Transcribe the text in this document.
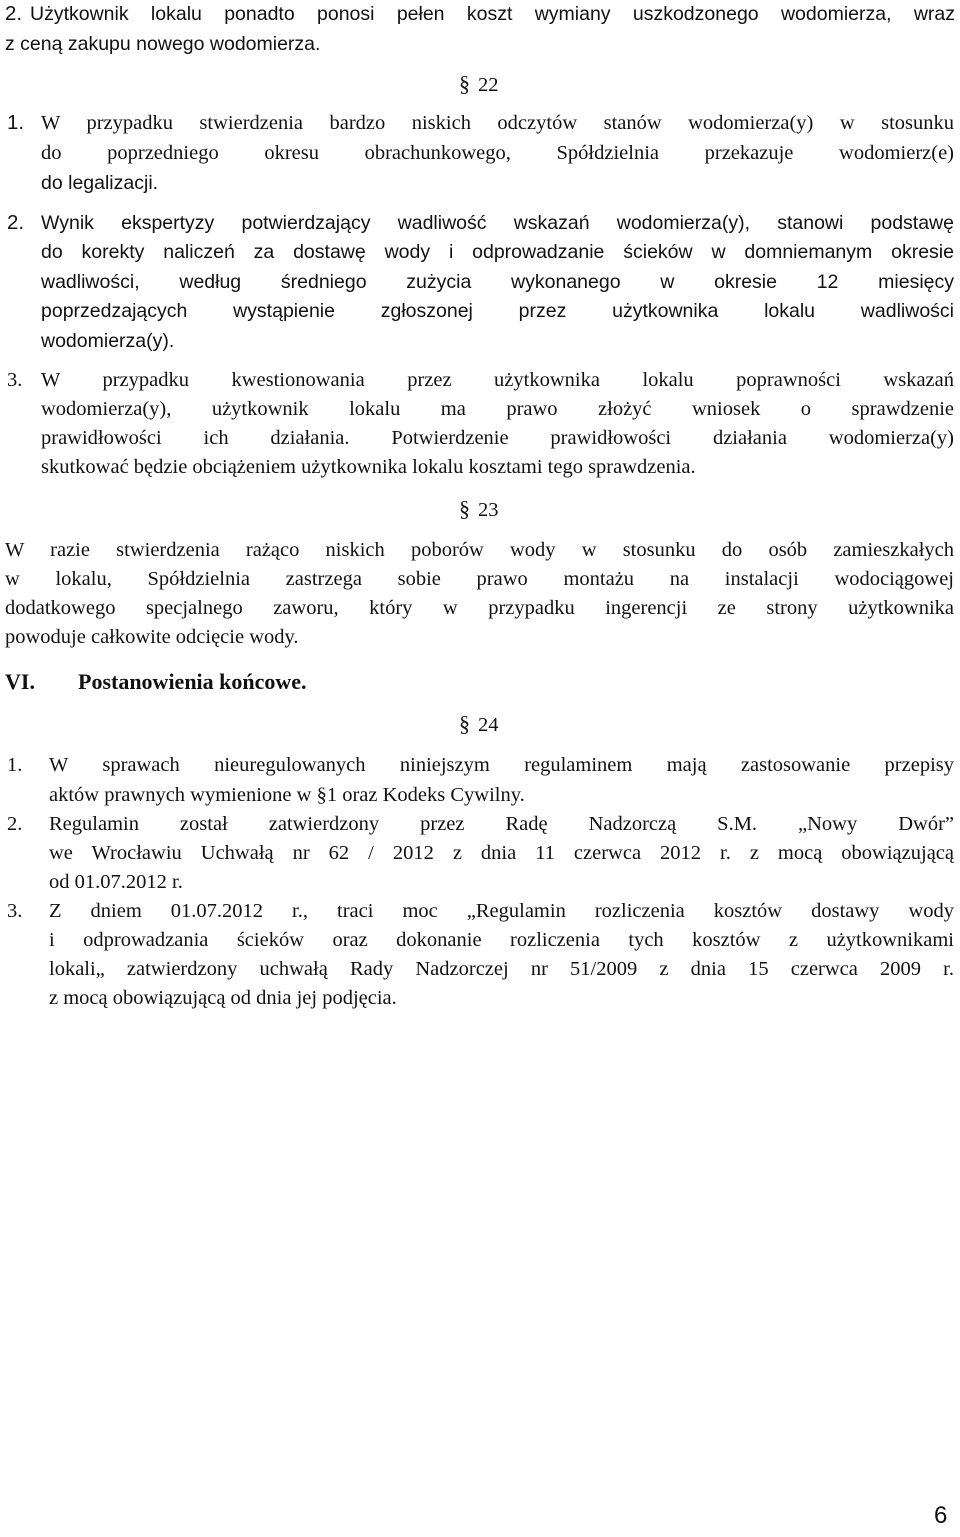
2. Użytkownik lokalu ponadto ponosi pełen koszt wymiany uszkodzonego wodomierza, wraz
z ceną zakupu nowego wodomierza.
§ 22
1. W przypadku stwierdzenia bardzo niskich odczytów stanów wodomierza(y) w stosunku
do poprzedniego okresu obrachunkowego, Spółdzielnia przekazuje wodomierz(e)
do legalizacji.
2. Wynik ekspertyzy potwierdzający wadliwość wskazań wodomierza(y), stanowi podstawę
do korekty naliczeń za dostawę wody i odprowadzanie ścieków w domniemanym okresie
wadliwości, według średniego zużycia wykonanego w okresie 12 miesięcy
poprzedzających wystąpienie zgłoszonej przez użytkownika lokalu wadliwości
wodomierza(y).
3. W przypadku kwestionowania przez użytkownika lokalu poprawności wskazań
wodomierza(y), użytkownik lokalu ma prawo złożyć wniosek o sprawdzenie
prawidłowości ich działania. Potwierdzenie prawidłowości działania wodomierza(y)
skutkować będzie obciążeniem użytkownika lokalu kosztami tego sprawdzenia.
§ 23
W razie stwierdzenia rażąco niskich poborów wody w stosunku do osób zamieszkałych
w lokalu, Spółdzielnia zastrzega sobie prawo montażu na instalacji wodociągowej
dodatkowego specjalnego zaworu, który w przypadku ingerencji ze strony użytkownika
powoduje całkowite odcięcie wody.
VI. Postanowienia końcowe.
§ 24
1. W sprawach nieuregulowanych niniejszym regulaminem mają zastosowanie przepisy
aktów prawnych wymienione w §1 oraz Kodeks Cywilny.
2. Regulamin został zatwierdzony przez Radę Nadzorczą S.M. „Nowy Dwór”
we Wrocławiu Uchwałą nr 62 / 2012 z dnia 11 czerwca 2012 r. z mocą obowiązującą
od 01.07.2012 r.
3. Z dniem 01.07.2012 r., traci moc „Regulamin rozliczenia kosztów dostawy wody
i odprowadzania ścieków oraz dokonanie rozliczenia tych kosztów z użytkownikami
lokali„ zatwierdzony uchwałą Rady Nadzorczej nr 51/2009 z dnia 15 czerwca 2009 r.
z mocą obowiązującą od dnia jej podjęcia.
6
